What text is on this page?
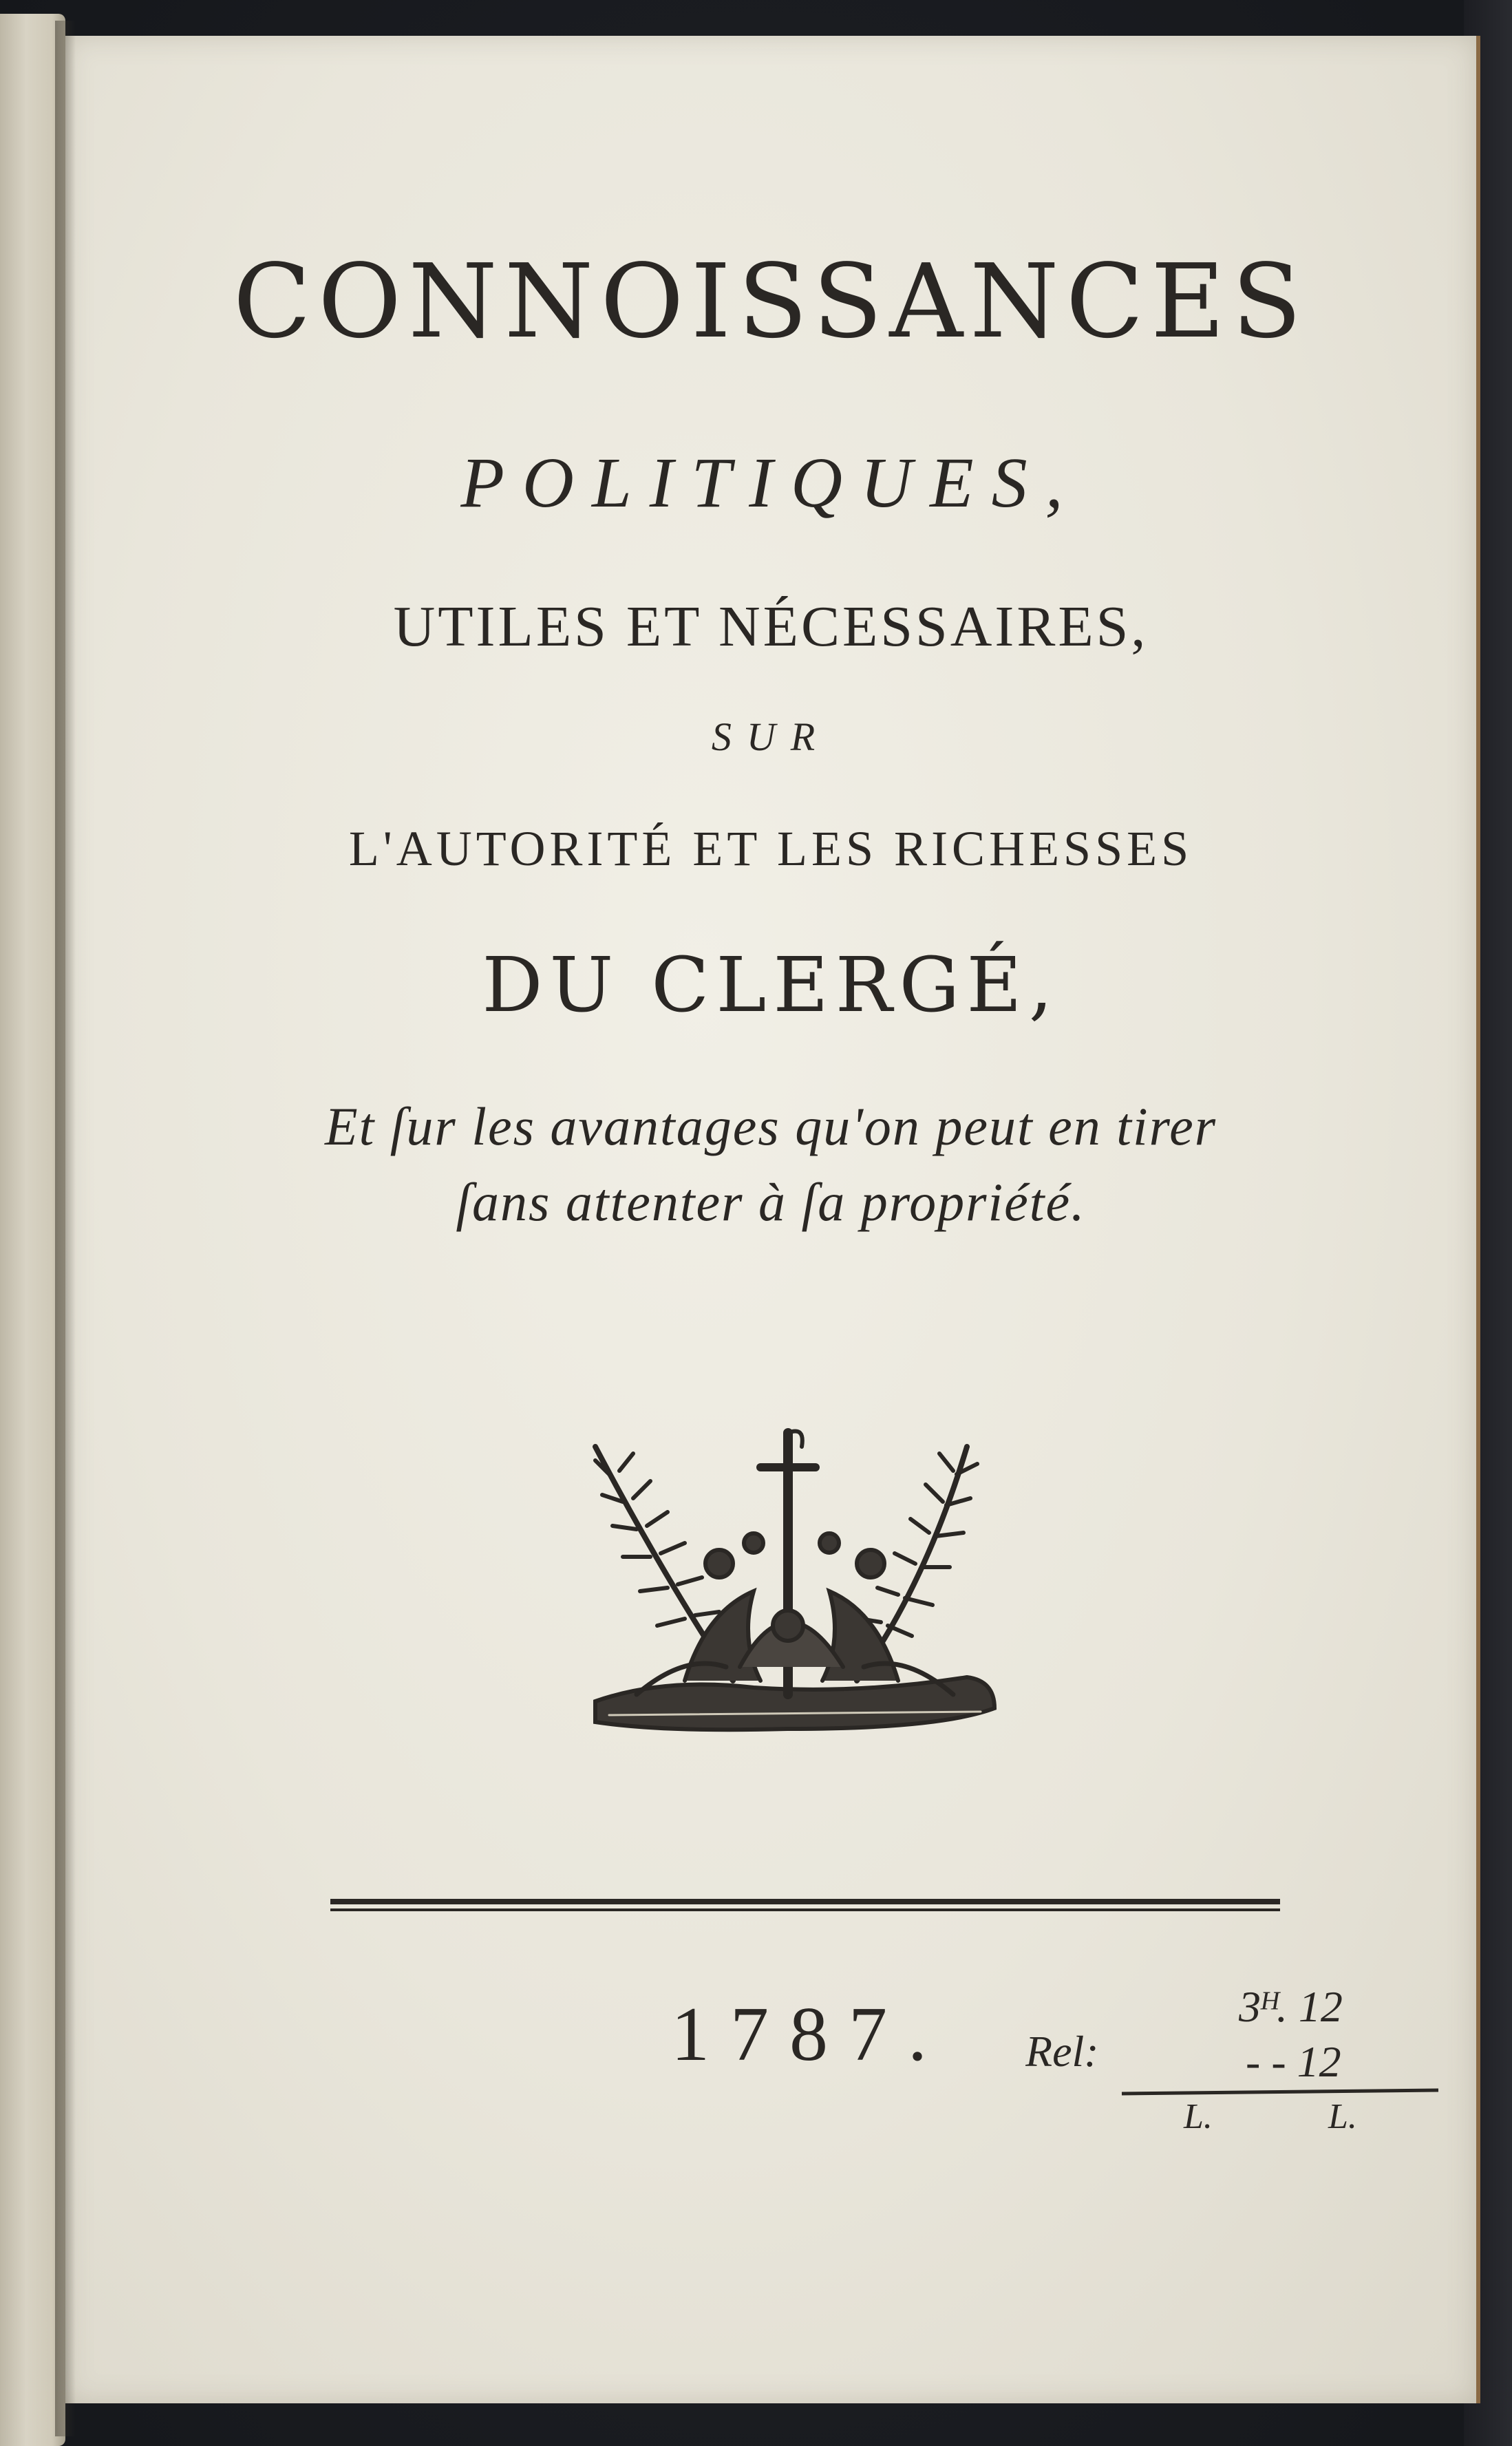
CONNOISSANCES

POLITIQUES,

UTILES ET NÉCESSAIRES,

SUR

L'AUTORITÉ ET LES RICHESSES

DU CLERGÉ,

Et ſur les avantages qu'on peut en tirer

ſans attenter à ſa propriété.

1787. Rel:
3ᴴ. 12
- - 12
L.	L.
